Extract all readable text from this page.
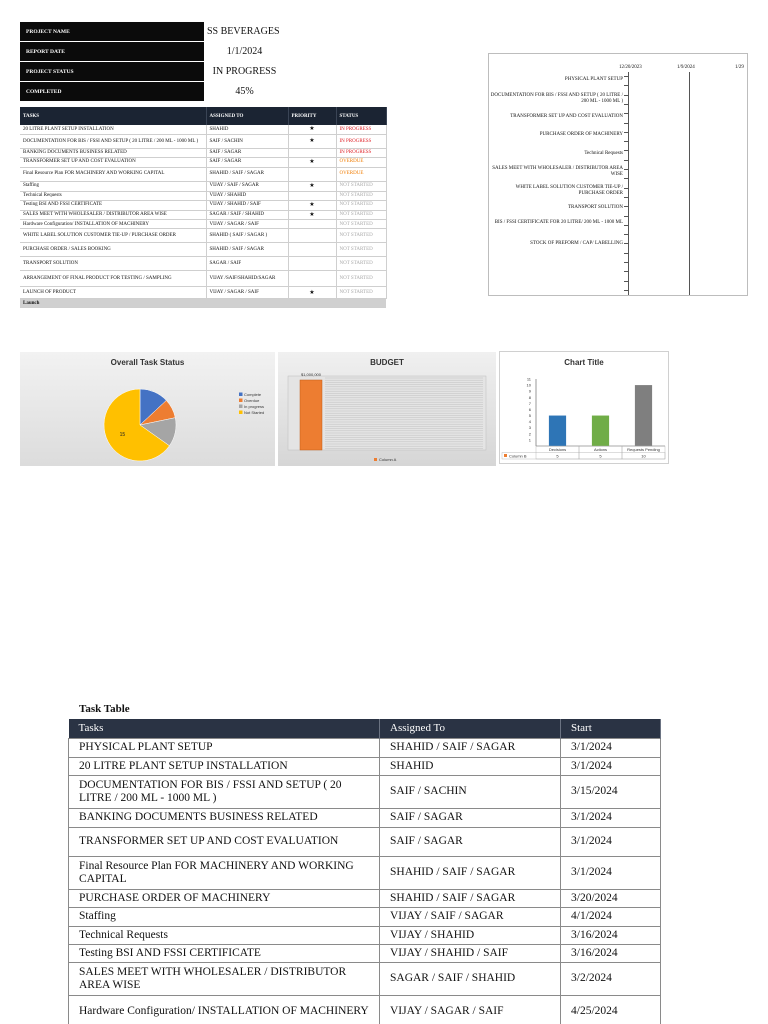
PROJECT NAME	SS BEVERAGES
REPORT DATE	1/1/2024
PROJECT STATUS	IN PROGRESS
COMPLETED	45%
TASKS	ASSIGNED TO	PRIORITY	STATUS
20 LITRE PLANT SETUP INSTALLATION	SHAHID	★	IN PROGRESS
DOCUMENTATION FOR BIS / FSSI AND SETUP ( 20 LITRE / 200 ML - 1000 ML )	SAIF / SACHIN	★	IN PROGRESS
BANKING DOCUMENTS BUSINESS RELATED	SAIF / SAGAR		IN PROGRESS
TRANSFORMER SET UP AND COST EVALUATION	SAIF / SAGAR	★	OVERDUE
Final Resource Plan FOR MACHINERY AND WORKING CAPITAL	SHAHID / SAIF / SAGAR		OVERDUE
Staffing	VIJAY / SAIF / SAGAR	★	NOT STARTED
Technical Requests	VIJAY / SHAHID		NOT STARTED
Testing BSI AND FSSI CERTIFICATE	VIJAY / SHAHID / SAIF	★	NOT STARTED
SALES MEET WITH WHOLESALER / DISTRIBUTOR AREA WISE	SAGAR / SAIF / SHAHID	★	NOT STARTED
Hardware Configuration/ INSTALLATION OF MACHINERY	VIJAY / SAGAR / SAIF		NOT STARTED
WHITE LABEL SOLUTION CUSTOMER TIE-UP / PURCHASE ORDER	SHAHID ( SAIF / SAGAR )		NOT STARTED
PURCHASE ORDER / SALES BOOKING	SHAHID / SAIF / SAGAR		NOT STARTED
TRANSPORT SOLUTION	SAGAR / SAIF		NOT STARTED
ARRANGEMENT OF FINAL PRODUCT FOR TESTING / SAMPLING	VIJAY /SAIF/SHAHID/SAGAR		NOT STARTED
LAUNCH OF PRODUCT	VIJAY / SAGAR / SAIF	★	NOT STARTED
Launch			
12/20/2023	1/9/2024	1/29
PHYSICAL PLANT SETUP
DOCUMENTATION FOR BIS / FSSI AND SETUP ( 20 LITRE / 200 ML - 1000 ML )
TRANSFORMER SET UP AND COST EVALUATION
PURCHASE ORDER OF MACHINERY
Technical Requests
SALES MEET WITH WHOLESALER / DISTRIBUTOR AREA WISE
WHITE LABEL SOLUTION CUSTOMER TIE-UP / PURCHASE ORDER
TRANSPORT SOLUTION
BIS / FSSI CERTIFICATE FOR 20 LITRE/ 200 ML - 1000 ML
STOCK OF PREFORM / CAP/ LABELLING
Overall Task Status
15
Complete
Overdue
In progress
Not Started
BUDGET
$1,000,000
Column A
Chart Title
1
2
3
4
5
6
7
8
9
10
11
Decisions
5
Actions
5
Requests Pending
10
Column B
Task Table
Tasks	Assigned To	Start
PHYSICAL PLANT SETUP	SHAHID / SAIF / SAGAR	3/1/2024
20 LITRE PLANT SETUP INSTALLATION	SHAHID	3/1/2024
DOCUMENTATION FOR BIS / FSSI AND SETUP ( 20 LITRE / 200 ML - 1000 ML )	SAIF / SACHIN	3/15/2024
BANKING DOCUMENTS BUSINESS RELATED	SAIF / SAGAR	3/1/2024
TRANSFORMER SET UP AND COST EVALUATION	SAIF / SAGAR	3/1/2024
Final Resource Plan FOR MACHINERY AND WORKING CAPITAL	SHAHID / SAIF / SAGAR	3/1/2024
PURCHASE ORDER OF MACHINERY	SHAHID / SAIF / SAGAR	3/20/2024
Staffing	VIJAY / SAIF / SAGAR	4/1/2024
Technical Requests	VIJAY / SHAHID	3/16/2024
Testing BSI AND FSSI CERTIFICATE	VIJAY / SHAHID / SAIF	3/16/2024
SALES MEET WITH WHOLESALER / DISTRIBUTOR AREA WISE	SAGAR / SAIF / SHAHID	3/2/2024
Hardware Configuration/ INSTALLATION OF MACHINERY	VIJAY / SAGAR / SAIF	4/25/2024
